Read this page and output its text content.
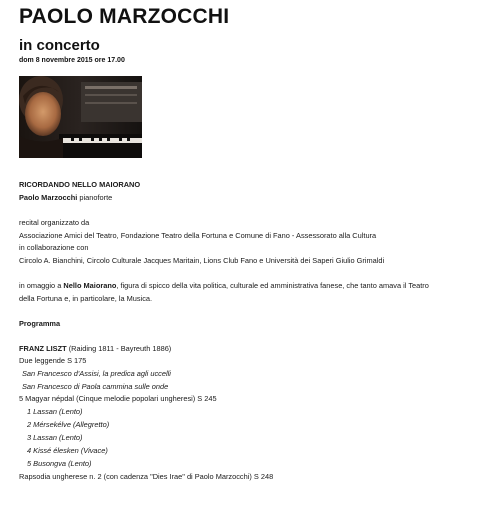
PAOLO MARZOCCHI
in concerto
dom 8 novembre 2015 ore 17.00
RICORDANDO NELLO MAIORANO
Paolo Marzocchi pianoforte
recital organizzato da
Associazione Amici del Teatro, Fondazione Teatro della Fortuna e Comune di Fano - Assessorato alla Cultura
in collaborazione con
Circolo A. Bianchini, Circolo Culturale Jacques Maritain, Lions Club Fano e Università dei Saperi Giulio Grimaldi
in omaggio a Nello Maiorano, figura di spicco della vita politica, culturale ed amministrativa fanese, che tanto amava il Teatro
della Fortuna e, in particolare, la Musica.
Programma
FRANZ LISZT (Raiding 1811 - Bayreuth 1886)
Due leggende S 175
San Francesco d'Assisi, la predica agli uccelli
San Francesco di Paola cammina sulle onde
5 Magyar népdal (Cinque melodie popolari ungheresi) S 245
1 Lassan (Lento)
2 Mérsekélve (Allegretto)
3 Lassan (Lento)
4 Kissé élesken (Vivace)
5 Busongva (Lento)
Rapsodia ungherese n. 2 (con cadenza "Dies Irae" di Paolo Marzocchi) S 248
